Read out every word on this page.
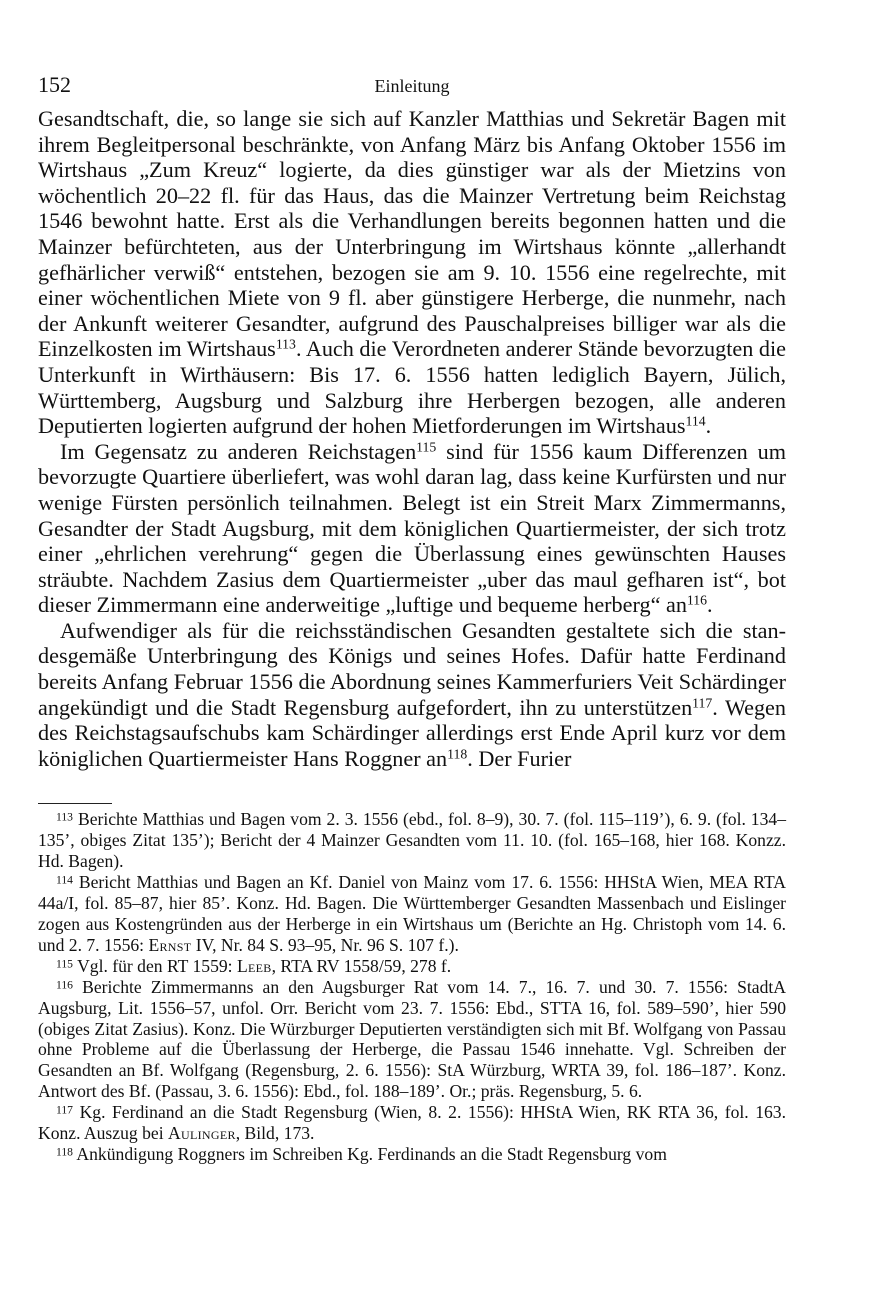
152	Einleitung

Gesandtschaft, die, so lange sie sich auf Kanzler Matthias und Sekretär Bagen mit ihrem Begleitpersonal beschränkte, von Anfang März bis Anfang Oktober 1556 im Wirtshaus „Zum Kreuz“ logierte, da dies günstiger war als der Mietzins von wöchentlich 20–22 fl. für das Haus, das die Mainzer Vertretung beim Reichstag 1546 bewohnt hatte. Erst als die Verhandlungen bereits begonnen hatten und die Mainzer befürchteten, aus der Unterbringung im Wirtshaus könnte „allerhandt gefhärlicher verwiß“ entstehen, bezogen sie am 9. 10. 1556 eine regelrechte, mit einer wöchentlichen Miete von 9 fl. aber günstigere Herberge, die nunmehr, nach der Ankunft weiterer Gesandter, aufgrund des Pauschalpreises billiger war als die Einzelkosten im Wirtshaus$^{113}$. Auch die Verordneten anderer Stände bevorzugten die Unterkunft in Wirthäusern: Bis 17. 6. 1556 hatten lediglich Bayern, Jülich, Württemberg, Augsburg und Salzburg ihre Herbergen bezogen, alle anderen Deputierten logierten aufgrund der hohen Mietforderungen im Wirtshaus$^{114}$.

Im Gegensatz zu anderen Reichstagen$^{115}$ sind für 1556 kaum Differenzen um bevorzugte Quartiere überliefert, was wohl daran lag, dass keine Kurfürsten und nur wenige Fürsten persönlich teilnahmen. Belegt ist ein Streit Marx Zimmermanns, Gesandter der Stadt Augsburg, mit dem königlichen Quartiermeister, der sich trotz einer „ehrlichen verehrung“ gegen die Überlassung eines gewünschten Hauses sträubte. Nachdem Zasius dem Quartiermeister „uber das maul gefharen ist“, bot dieser Zimmermann eine anderweitige „luftige und bequeme herberg“ $an^{116}$.

Aufwendiger als für die reichsständischen Gesandten gestaltete sich die standesgemäße Unterbringung des Königs und seines Hofes. Dafür hatte Ferdinand bereits Anfang Februar 1556 die Abordnung seines Kammerfuriers Veit Schärdinger angekündigt und die Stadt Regensburg aufgefordert, ihn zu unterstützen$^{117}$. Wegen des Reichstagsaufschubs kam Schärdinger allerdings erst Ende April kurz vor dem königlichen Quartiermeister Hans Roggner $an^{118}$. Der Furier

$^{113}$ Berichte Matthias und Bagen vom 2. 3. 1556 (ebd., fol. 8–9), 30. 7. (fol. 115–119’), 6. 9. (fol. 134–135’, obiges Zitat 135’); Bericht der 4 Mainzer Gesandten vom 11. 10. (fol. 165–168, hier 168. Konzz. Hd. Bagen).

$^{114}$ Bericht Matthias und Bagen an Kf. Daniel von Mainz vom 17. 6. 1556: HHStA Wien, MEA RTA 44a/I, fol. 85–87, hier 85’. Konz. Hd. Bagen. Die Württemberger Gesandten Massenbach und Eislinger zogen aus Kostengründen aus der Herberge in ein Wirtshaus um (Berichte an Hg. Christoph vom 14. 6. und 2. 7. 1556: Ernst IV, Nr. 84 S. 93–95, Nr. 96 S. 107 f.).

$^{115}$ Vgl. für den RT 1559: Leeb, RTA RV 1558/59, 278 f.

$^{116}$ Berichte Zimmermanns an den Augsburger Rat vom 14. 7., 16. 7. und 30. 7. 1556: StadtA Augsburg, Lit. 1556–57, unfol. Orr. Bericht vom 23. 7. 1556: Ebd., STTA 16, fol. 589–590’, hier 590 (obiges Zitat Zasius). Konz. Die Würzburger Deputierten verständigten sich mit Bf. Wolfgang von Passau ohne Probleme auf die Überlassung der Herberge, die Passau 1546 innehatte. Vgl. Schreiben der Gesandten an Bf. Wolfgang (Regensburg, 2. 6. 1556): StA Würzburg, WRTA 39, fol. 186–187’. Konz. Antwort des Bf. (Passau, 3. 6. 1556): Ebd., fol. 188–189’. Or.; präs. Regensburg, 5. 6.

$^{117}$ Kg. Ferdinand an die Stadt Regensburg (Wien, 8. 2. 1556): HHStA Wien, RK RTA 36, fol. 163. Konz. Auszug bei Aulinger, Bild, 173.

$^{118}$ Ankündigung Roggners im Schreiben Kg. Ferdinands an die Stadt Regensburg vom
